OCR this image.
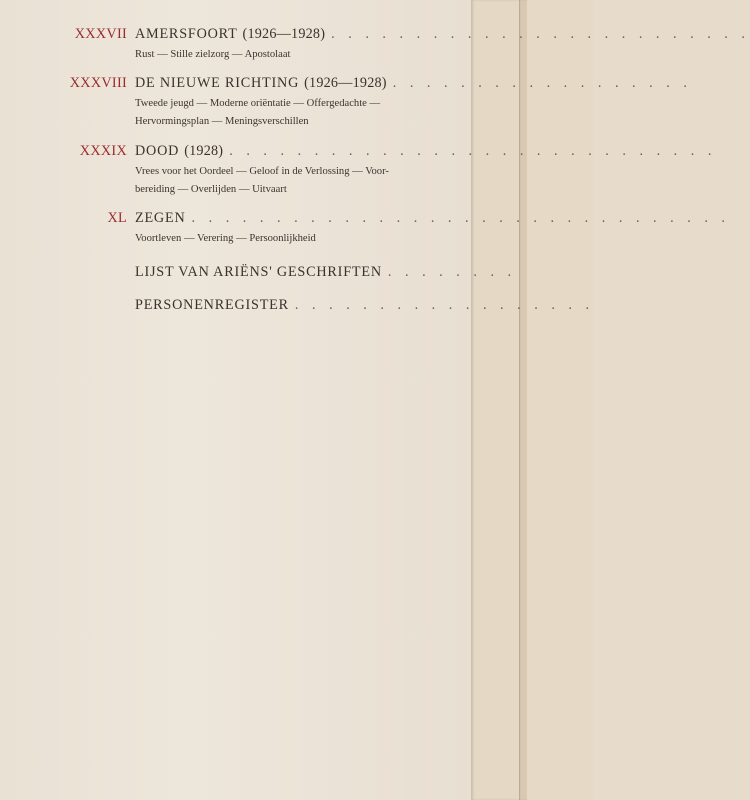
XXXVII AMERSFOORT (1926—1928) . . . . . . . . . . . . . . . . . . . . . . . . .
Rust — Stille zielzorg — Apostolaat
XXXVIII DE NIEUWE RICHTING (1926—1928) . . . . . . . . . . . . . . . . . .
Tweede jeugd — Moderne oriëntatie — Offergedachte —
Hervormingsplan — Meningsverschillen
XXXIX DOOD (1928) . . . . . . . . . . . . . . . . . . . . . . . . . . . . .
Vrees voor het Oordeel — Geloof in de Verlossing — Voor-
bereiding — Overlijden — Uitvaart
XL ZEGEN . . . . . . . . . . . . . . . . . . . . . . . . . . . . . . . .
Voortleven — Verering — Persoonlijkheid
LIJST VAN ARIËNS' GESCHRIFTEN . . . . . . . .
PERSONENREGISTER . . . . . . . . . . . . . . . . . .
